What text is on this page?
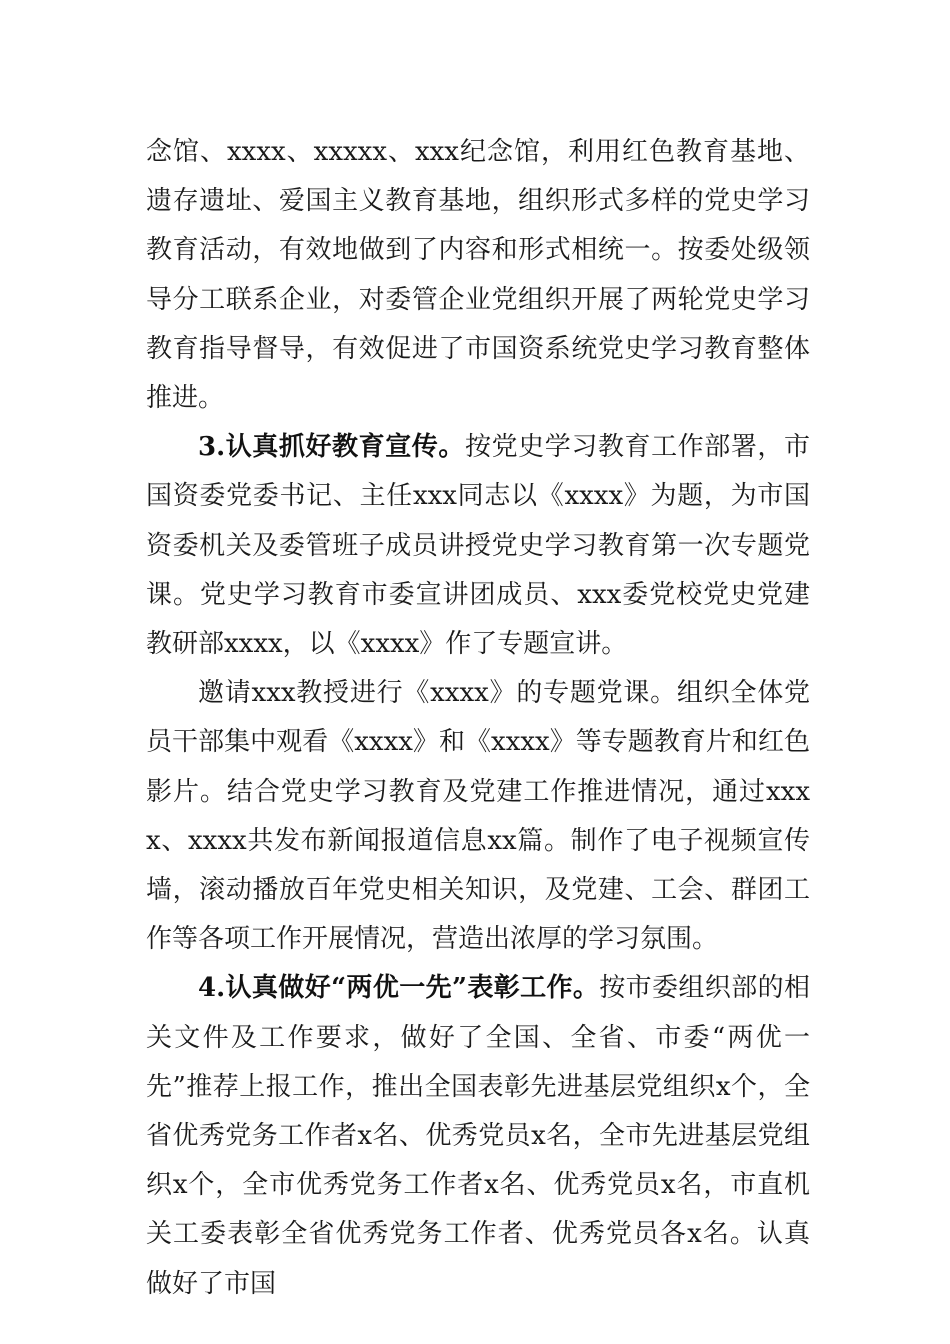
念馆、xxxx、xxxxx、xxx纪念馆，利用红色教育基地、遗存遗址、爱国主义教育基地，组织形式多样的党史学习教育活动，有效地做到了内容和形式相统一。按委处级领导分工联系企业，对委管企业党组织开展了两轮党史学习教育指导督导，有效促进了市国资系统党史学习教育整体推进。

3.认真抓好教育宣传。按党史学习教育工作部署，市国资委党委书记、主任xxx同志以《xxxx》为题，为市国资委机关及委管班子成员讲授党史学习教育第一次专题党课。党史学习教育市委宣讲团成员、xxx委党校党史党建教研部xxxx，以《xxxx》作了专题宣讲。

邀请xxx教授进行《xxxx》的专题党课。组织全体党员干部集中观看《xxxx》和《xxxx》等专题教育片和红色影片。结合党史学习教育及党建工作推进情况，通过xxxx、xxxx共发布新闻报道信息xx篇。制作了电子视频宣传墙，滚动播放百年党史相关知识，及党建、工会、群团工作等各项工作开展情况，营造出浓厚的学习氛围。

4.认真做好“两优一先”表彰工作。按市委组织部的相关文件及工作要求，做好了全国、全省、市委“两优一先”推荐上报工作，推出全国表彰先进基层党组织x个，全省优秀党务工作者x名、优秀党员x名，全市先进基层党组织x个，全市优秀党务工作者x名、优秀党员x名，市直机关工委表彰全省优秀党务工作者、优秀党员各x名。认真做好了市国
